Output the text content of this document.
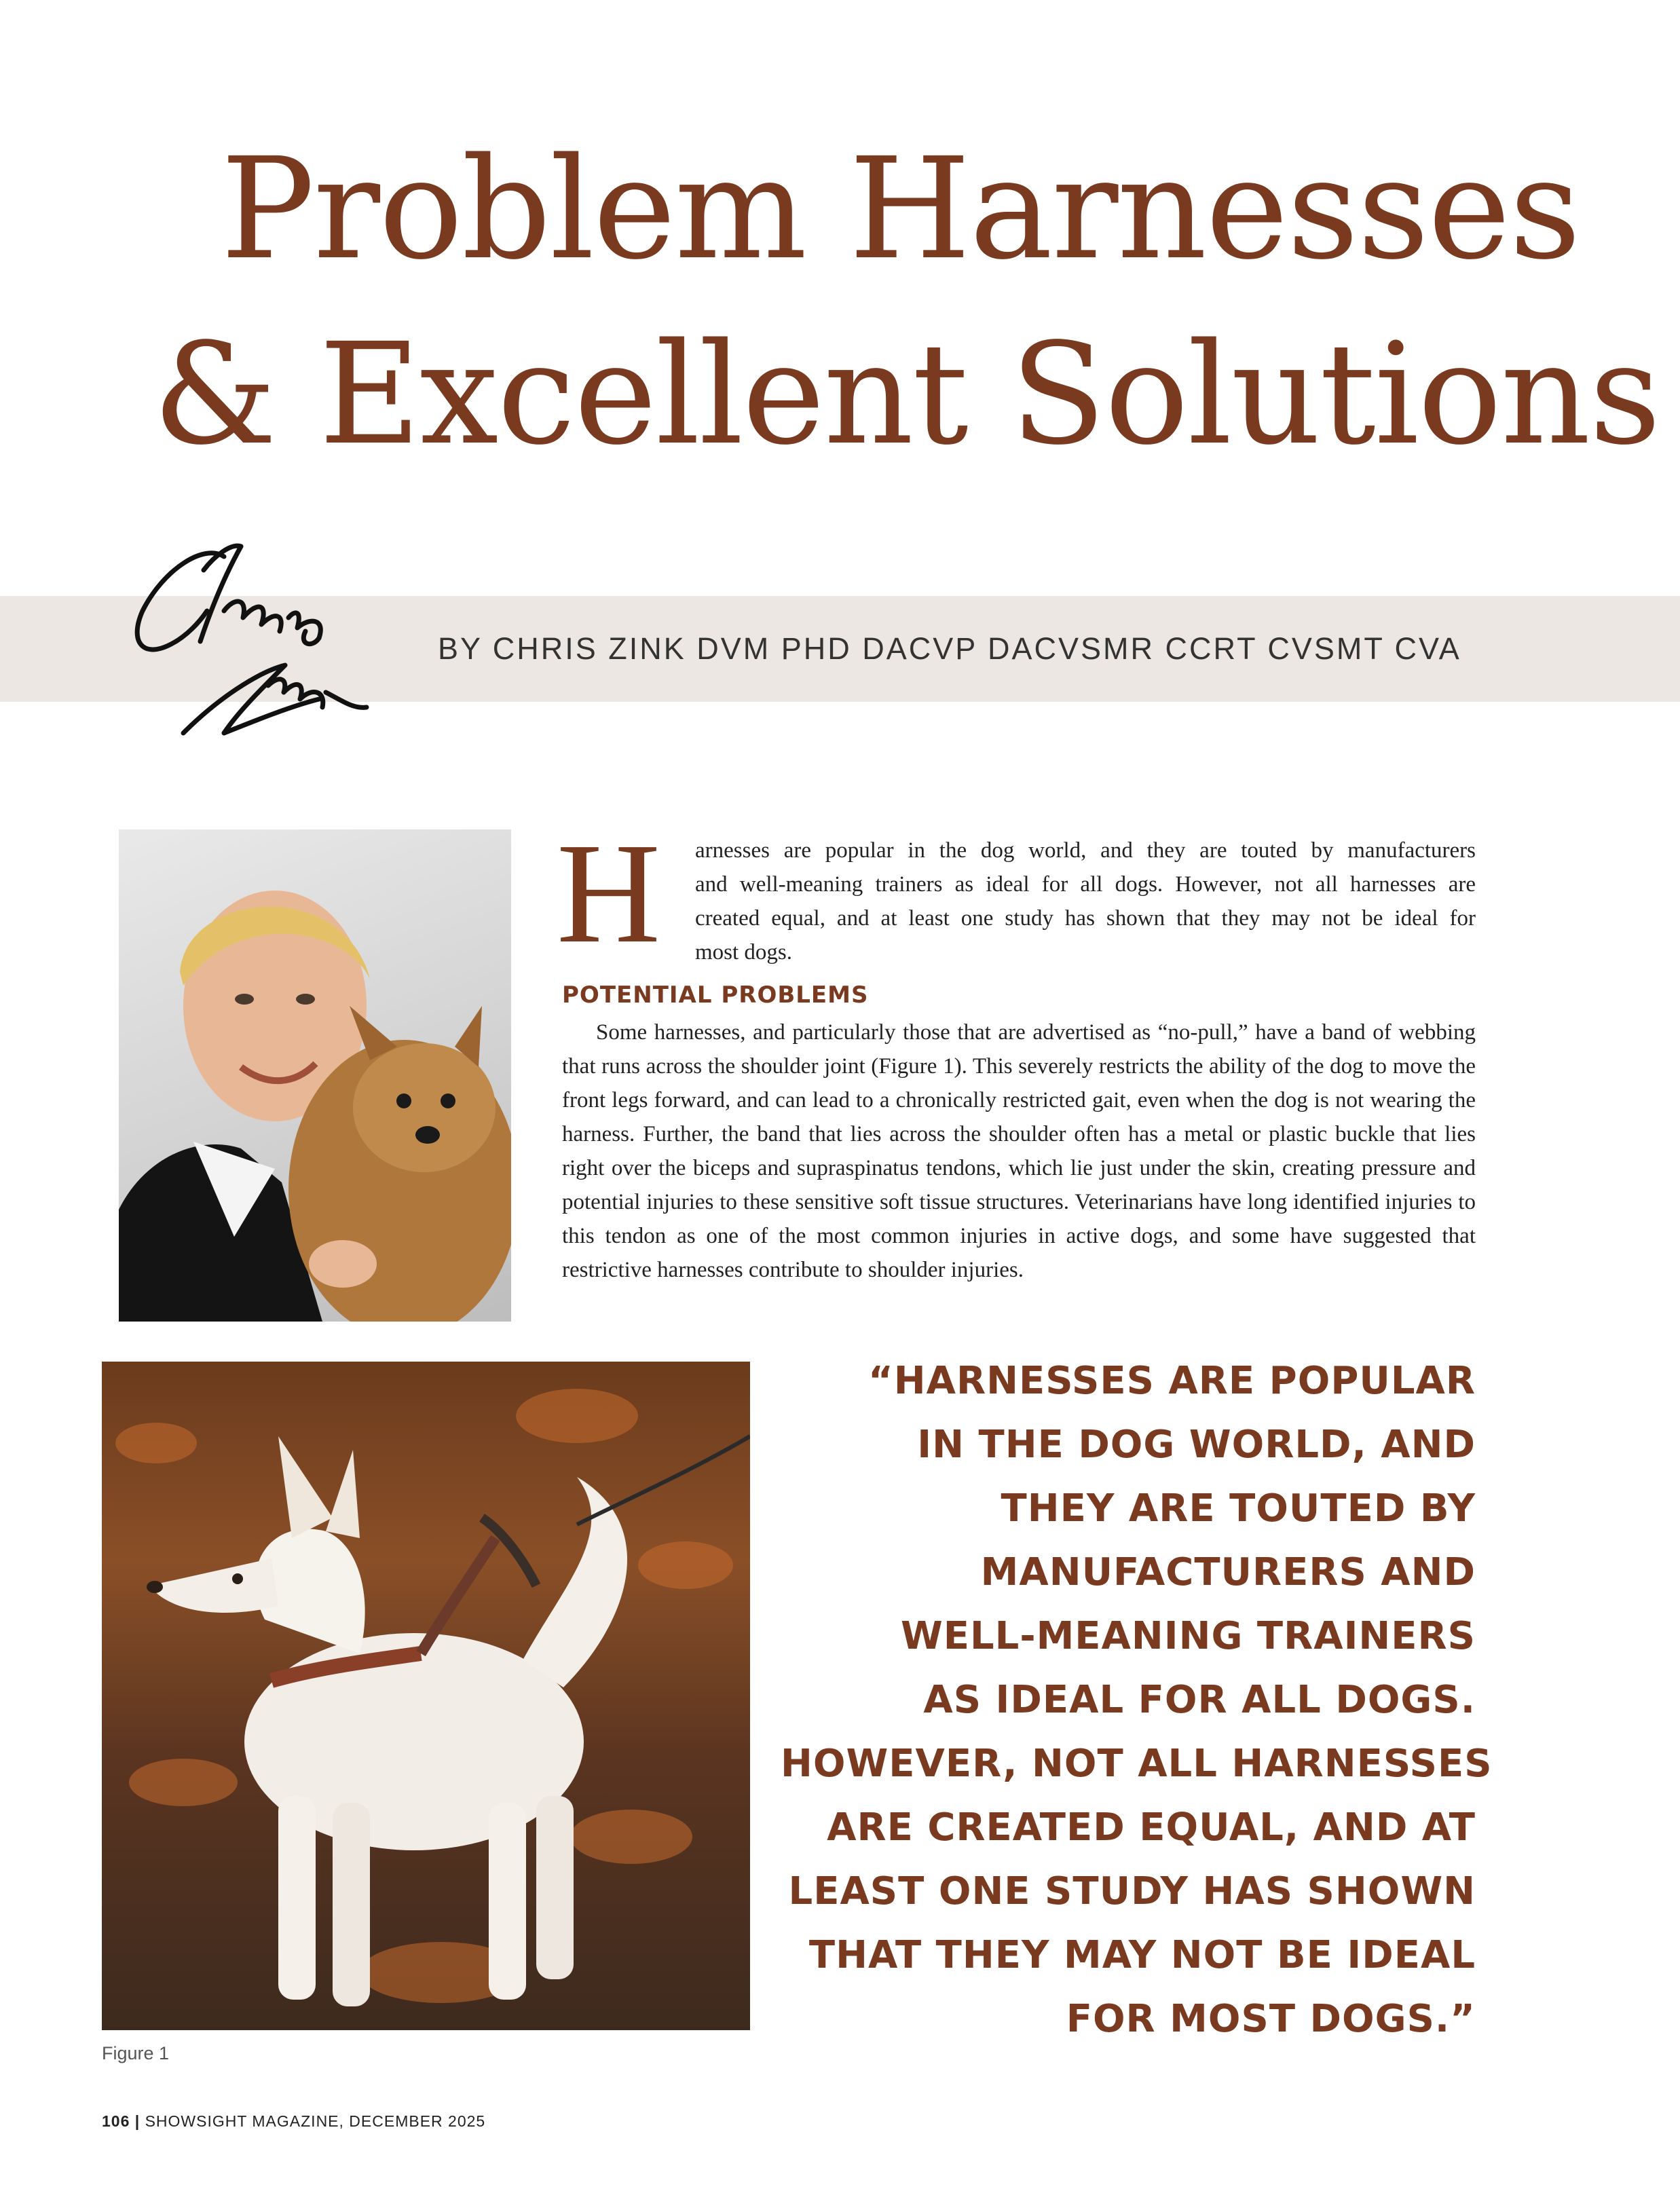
Problem Harnesses
& Excellent Solutions
BY CHRIS ZINK DVM PHD DACVP DACVSMR CCRT CVSMT CVA
H arnesses are popular in the dog world, and they are touted by manufacturers
and well-meaning trainers as ideal for all dogs. However, not all harnesses are
created equal, and at least one study has shown that they may not be ideal for
most dogs.
POTENTIAL PROBLEMS
Some harnesses, and particularly those that are advertised as “no-pull,” have a band of webbing that runs across the shoulder joint (Figure 1). This severely restricts the ability of the dog to move the front legs forward, and can lead to a chronically restricted gait, even when the dog is not wearing the harness. Further, the band that lies across the shoulder often has a metal or plastic buckle that lies right over the biceps and supraspinatus tendons, which lie just under the skin, creating pressure and potential injuries to these sensitive soft tissue structures. Veterinarians have long identified injuries to this tendon as one of the most common injuries in active dogs, and some have suggested that restrictive harnesses contribute to shoulder injuries.
Figure 1
“HARNESSES ARE POPULAR
IN THE DOG WORLD, AND
THEY ARE TOUTED BY
MANUFACTURERS AND
WELL-MEANING TRAINERS
AS IDEAL FOR ALL DOGS.
HOWEVER, NOT ALL HARNESSES
ARE CREATED EQUAL, AND AT
LEAST ONE STUDY HAS SHOWN
THAT THEY MAY NOT BE IDEAL
FOR MOST DOGS.”
106 | SHOWSIGHT MAGAZINE, DECEMBER 2025
